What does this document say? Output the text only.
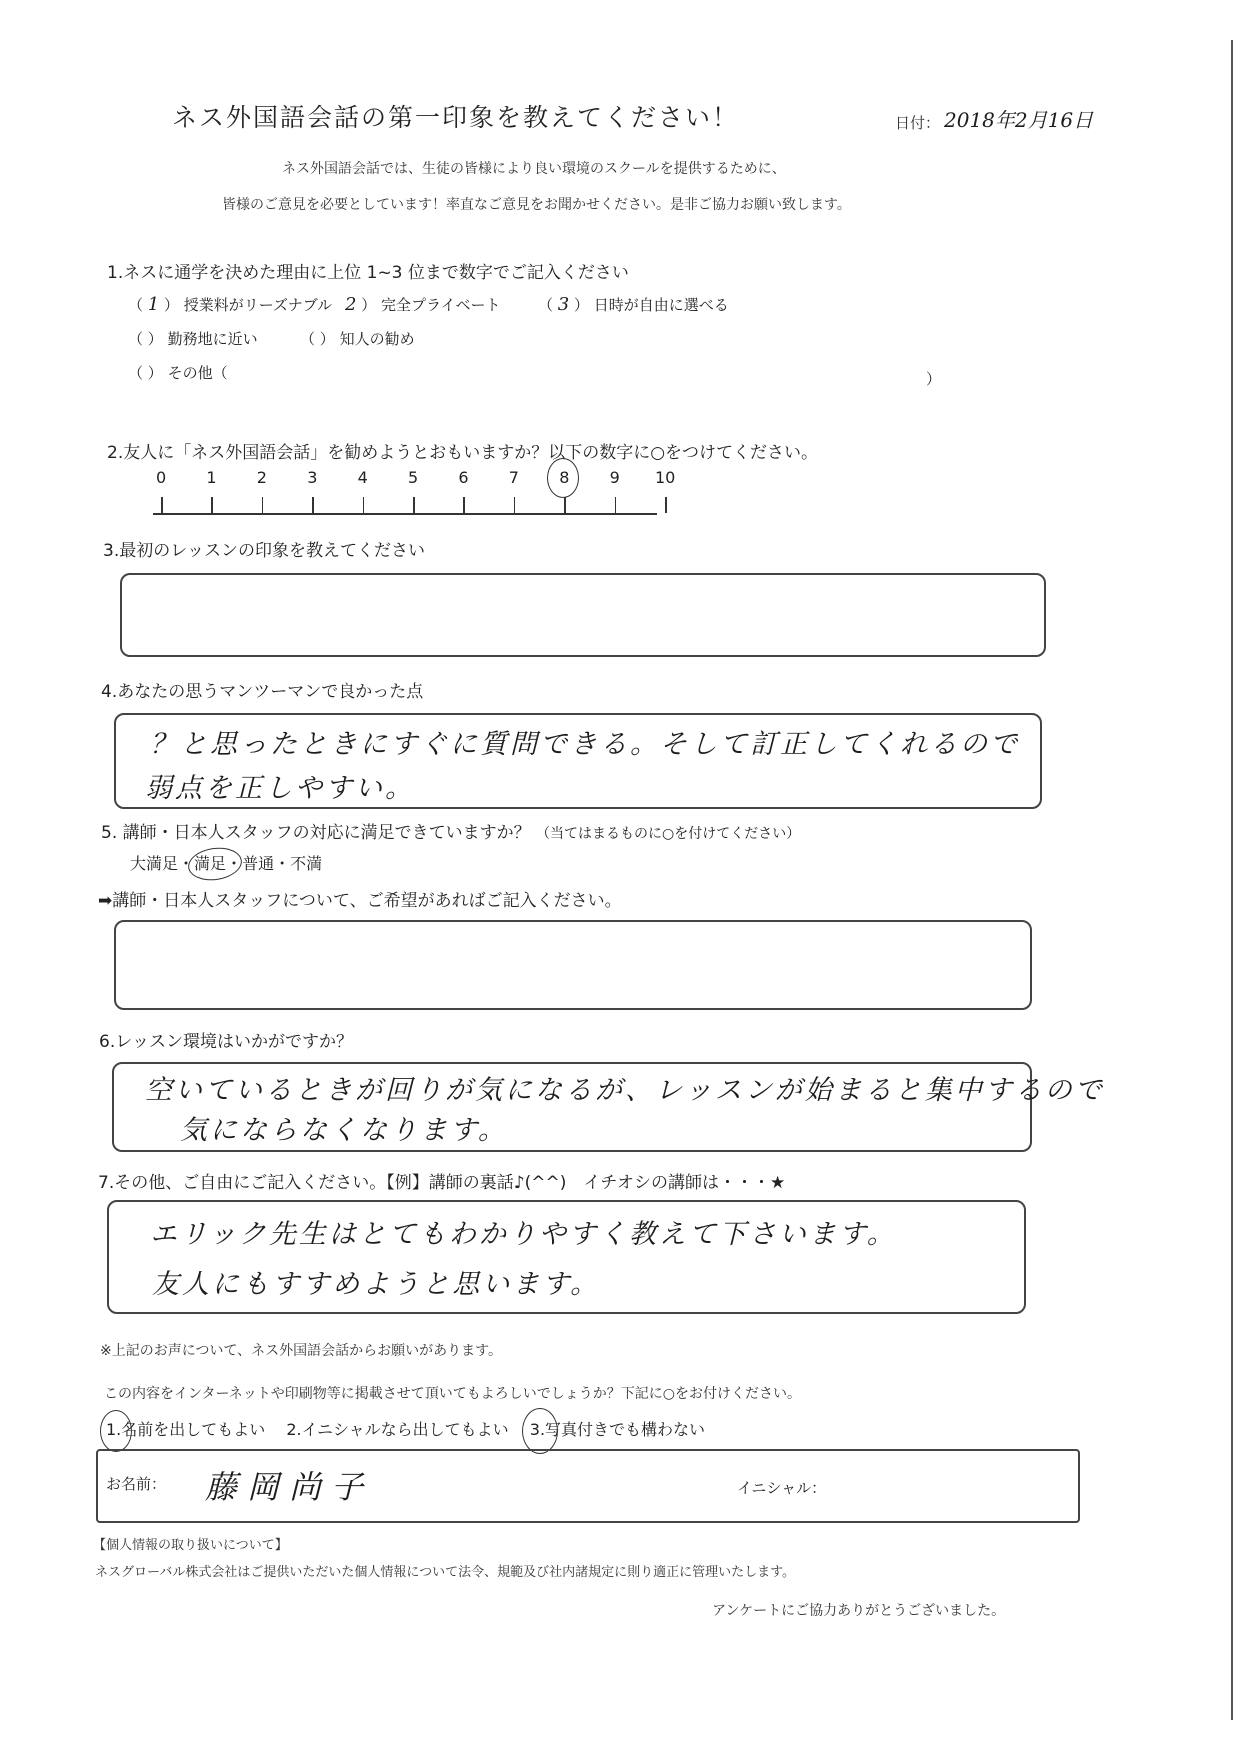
ネス外国語会話の第一印象を教えてください！	日付： 2018年2月16日
ネス外国語会話では、生徒の皆様により良い環境のスクールを提供するために、
皆様のご意見を必要としています！率直なご意見をお聞かせください。是非ご協力お願い致します。
1.ネスに通学を決めた理由に上位 1~3 位まで数字でご記入ください
（ 1 ） 授業料がリーズナブル 2 ） 完全プライベート （ 3 ） 日時が自由に選べる
（ ） 勤務地に近い	（ ） 知人の勧め
（ ） その他（	）
2.友人に「ネス外国語会話」を勧めようとおもいますか？以下の数字に○をつけてください。
0	1	2	3	4	5	6	7	8	9 10
3.最初のレッスンの印象を教えてください
4.あなたの思うマンツーマンで良かった点
？と思ったときにすぐに質問できる。そして訂正してくれるので
弱点を正しやすい。
5. 講師・日本人スタッフの対応に満足できていますか？ （当てはまるものに○を付けてください）
大満足・満足
・普通・不満
➡講師・日本人スタッフについて、ご希望があればご記入ください。
6.レッスン環境はいかがですか？
空いているときが回りが気になるが、レッスンが始まると集中するので
気にならなくなります。
7.その他、ご自由にご記入ください。【例】講師の裏話♪(^^)　イチオシの講師は・・・★
エリック先生はとてもわかりやすく教えて下さいます。
友人にもすすめようと思います。
※上記のお声について、ネス外国語会話からお願いがあります。
この内容をインターネットや印刷物等に掲載させて頂いてもよろしいでしょうか？下記に○をお付けください。
1.名前を出してもよい
　 2.イニシャルなら出してもよい　 3.写真付きでも構わない
お名前： 藤岡尚子	イニシャル：
【個人情報の取り扱いについて】
ネスグローバル株式会社はご提供いただいた個人情報について法令、規範及び社内諸規定に則り適正に管理いたします。
アンケートにご協力ありがとうございました。
